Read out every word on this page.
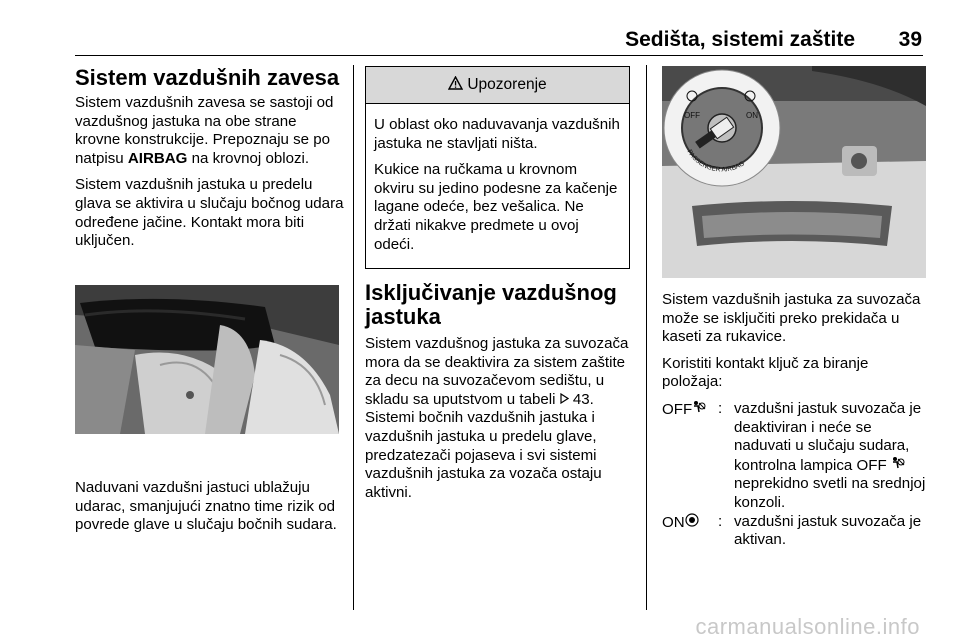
Sedišta, sistemi zaštite 39
Sistem vazdušnih zavesa

Sistem vazdušnih zavesa se sastoji od vazdušnog jastuka na obe strane krovne konstrukcije. Prepoznaju se po natpisu AIRBAG na krovnoj oblozi.

Sistem vazdušnih jastuka u predelu glava se aktivira u slučaju bočnog udara određene jačine. Kontakt mora biti uključen.

Naduvani vazdušni jastuci ublažuju udarac, smanjujući znatno time rizik od povrede glave u slučaju bočnih sudara.

Upozorenje

U oblast oko naduvavanja vazdušnih jastuka ne stavljati ništa.

Kukice na ručkama u krovnom okviru su jedino podesne za kačenje lagane odeće, bez vešalica. Ne držati nikakve predmete u ovoj odeći.

Isključivanje vazdušnog jastuka

Sistem vazdušnog jastuka za suvozača mora da se deaktivira za sistem zaštite za decu na suvozačevom sedištu, u skladu sa uputstvom u tabeli  43. Sistemi bočnih vazdušnih jastuka i vazdušnih jastuka u predelu glave, predzatezači pojaseva i svi sistemi vazdušnih jastuka za vozača ostaju aktivni.

OFF	ON
PASSENGER AIRBAG

Sistem vazdušnih jastuka za suvozača može se isključiti preko prekidača u kaseti za rukavice.

Koristiti kontakt ključ za biranje položaja:

OFF	: vazdušni jastuk suvozača je deaktiviran i neće se naduvati u slučaju sudara, kontrolna lampica OFF  neprekidno svetli na srednjoj konzoli.
ON	: vazdušni jastuk suvozača je aktivan.
carmanualsonline.info
